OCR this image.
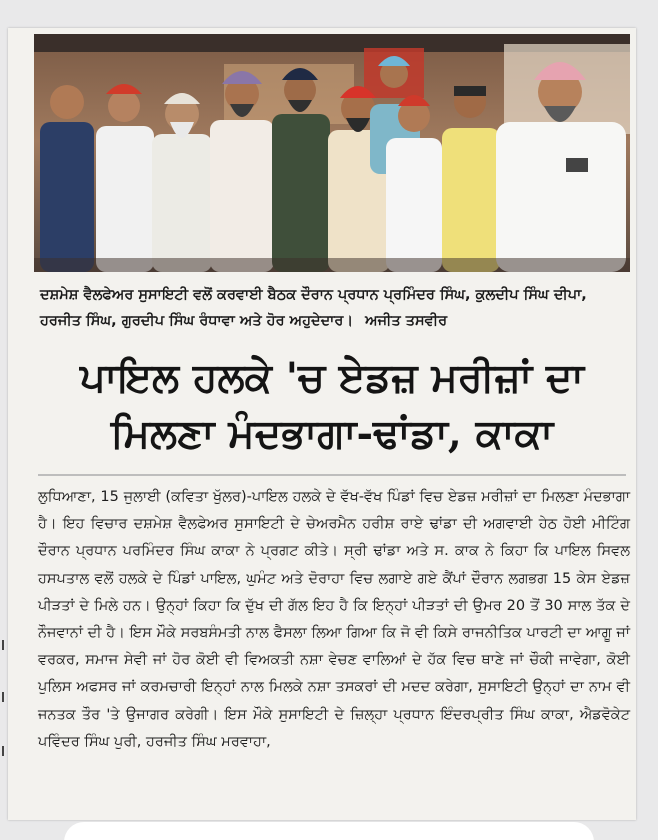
ਦਸ਼ਮੇਸ਼ ਵੈਲਫੇਅਰ ਸੁਸਾਇਟੀ ਵਲੋਂ ਕਰਵਾਈ ਬੈਠਕ ਦੌਰਾਨ ਪ੍ਰਧਾਨ ਪ੍ਰਮਿੰਦਰ ਸਿੰਘ, ਕੁਲਦੀਪ ਸਿੰਘ ਦੀਪਾ, ਹਰਜੀਤ ਸਿੰਘ, ਗੁਰਦੀਪ ਸਿੰਘ ਰੰਧਾਵਾ ਅਤੇ ਹੋਰ ਅਹੁਦੇਦਾਰ। ਅਜੀਤ ਤਸਵੀਰ
ਪਾਇਲ ਹਲਕੇ 'ਚ ਏਡਜ਼ ਮਰੀਜ਼ਾਂ ਦਾ
ਮਿਲਣਾ ਮੰਦਭਾਗਾ-ਢਾਂਡਾ, ਕਾਕਾ
ਲੁਧਿਆਣਾ, 15 ਜੁਲਾਈ (ਕਵਿਤਾ ਖੁੱਲਰ)-ਪਾਇਲ ਹਲਕੇ ਦੇ ਵੱਖ-ਵੱਖ ਪਿੰਡਾਂ ਵਿਚ ਏਡਜ਼ ਮਰੀਜ਼ਾਂ ਦਾ ਮਿਲਣਾ ਮੰਦਭਾਗਾ ਹੈ। ਇਹ ਵਿਚਾਰ ਦਸ਼ਮੇਸ਼ ਵੈਲਫੇਅਰ ਸੁਸਾਇਟੀ ਦੇ ਚੇਅਰਮੈਨ ਹਰੀਸ਼ ਰਾਏ ਢਾਂਡਾ ਦੀ ਅਗਵਾਈ ਹੇਠ ਹੋਈ ਮੀਟਿੰਗ ਦੌਰਾਨ ਪ੍ਰਧਾਨ ਪਰਮਿੰਦਰ ਸਿੰਘ ਕਾਕਾ ਨੇ ਪ੍ਰਗਟ ਕੀਤੇ। ਸ੍ਰੀ ਢਾਂਡਾ ਅਤੇ ਸ. ਕਾਕ ਨੇ ਕਿਹਾ ਕਿ ਪਾਇਲ ਸਿਵਲ ਹਸਪਤਾਲ ਵਲੋਂ ਹਲਕੇ ਦੇ ਪਿੰਡਾਂ ਪਾਇਲ, ਘੁਮੰਟ ਅਤੇ ਦੋਰਾਹਾ ਵਿਚ ਲਗਾਏ ਗਏ ਕੈਂਪਾਂ ਦੌਰਾਨ ਲਗਭਗ 15 ਕੇਸ ਏਡਜ਼ ਪੀੜਤਾਂ ਦੇ ਮਿਲੇ ਹਨ। ਉਨ੍ਹਾਂ ਕਿਹਾ ਕਿ ਦੁੱਖ ਦੀ ਗੱਲ ਇਹ ਹੈ ਕਿ ਇਨ੍ਹਾਂ ਪੀੜਤਾਂ ਦੀ ਉਮਰ 20 ਤੋਂ 30 ਸਾਲ ਤੱਕ ਦੇ ਨੌਜਵਾਨਾਂ ਦੀ ਹੈ। ਇਸ ਮੌਕੇ ਸਰਬਸੰਮਤੀ ਨਾਲ ਫੈਸਲਾ ਲਿਆ ਗਿਆ ਕਿ ਜੋ ਵੀ ਕਿਸੇ ਰਾਜਨੀਤਿਕ ਪਾਰਟੀ ਦਾ ਆਗੂ ਜਾਂ ਵਰਕਰ, ਸਮਾਜ ਸੇਵੀ ਜਾਂ ਹੋਰ ਕੋਈ ਵੀ ਵਿਅਕਤੀ ਨਸ਼ਾ ਵੇਚਣ ਵਾਲਿਆਂ ਦੇ ਹੱਕ ਵਿਚ ਥਾਣੇ ਜਾਂ ਚੌਕੀ ਜਾਵੇਗਾ, ਕੋਈ ਪੁਲਿਸ ਅਫਸਰ ਜਾਂ ਕਰਮਚਾਰੀ ਇਨ੍ਹਾਂ ਨਾਲ ਮਿਲਕੇ ਨਸ਼ਾ ਤਸਕਰਾਂ ਦੀ ਮਦਦ ਕਰੇਗਾ, ਸੁਸਾਇਟੀ ਉਨ੍ਹਾਂ ਦਾ ਨਾਮ ਵੀ ਜਨਤਕ ਤੌਰ 'ਤੇ ਉਜਾਗਰ ਕਰੇਗੀ। ਇਸ ਮੌਕੇ ਸੁਸਾਇਟੀ ਦੇ ਜ਼ਿਲ੍ਹਾ ਪ੍ਰਧਾਨ ਇੰਦਰਪ੍ਰੀਤ ਸਿੰਘ ਕਾਕਾ, ਐਡਵੋਕੇਟ ਪਵਿੰਦਰ ਸਿੰਘ ਪੁਰੀ, ਹਰਜੀਤ ਸਿੰਘ ਮਰਵਾਹਾ,
